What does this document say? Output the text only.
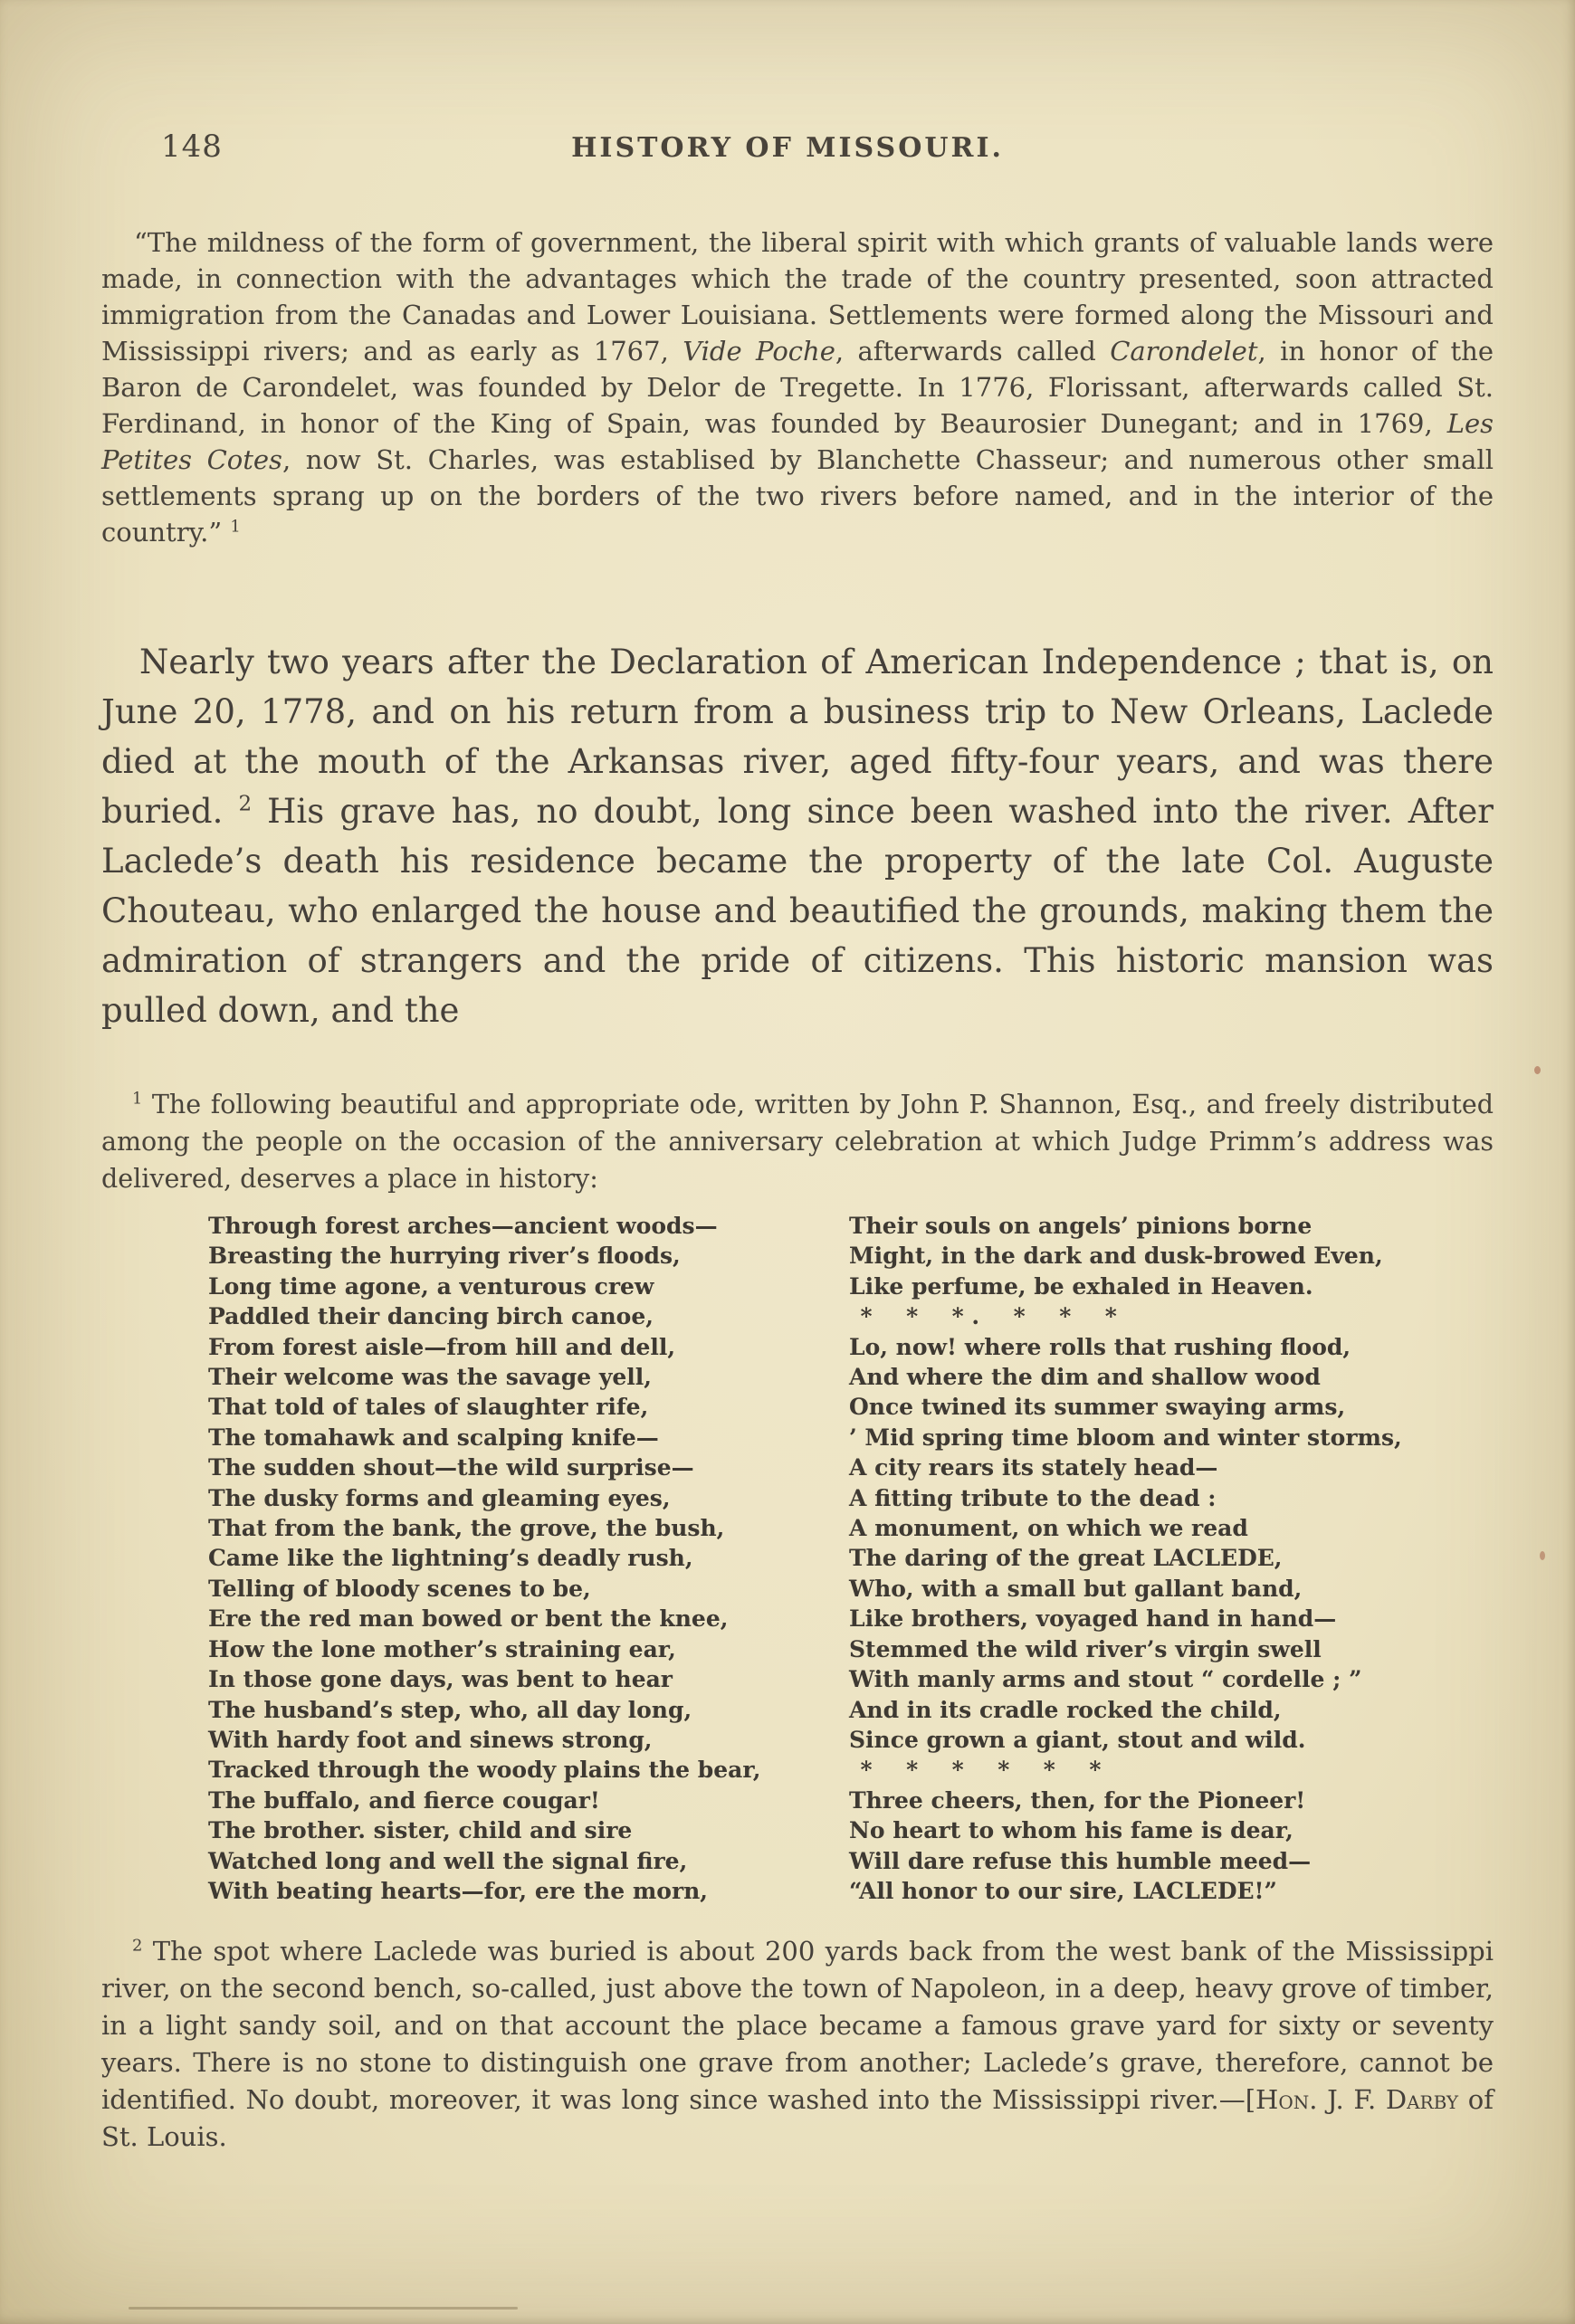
148	HISTORY OF MISSOURI.
“The mildness of the form of government, the liberal spirit with which grants of valuable lands were made, in connection with the advantages which the trade of the country presented, soon attracted immigration from the Canadas and Lower Louisiana. Settlements were formed along the Missouri and Mississippi rivers; and as early as 1767, Vide Poche, afterwards called Carondelet, in honor of the Baron de Carondelet, was founded by Delor de Tregette. In 1776, Florissant, afterwards called St. Ferdinand, in honor of the King of Spain, was founded by Beaurosier Dunegant; and in 1769, Les Petites Cotes, now St. Charles, was establised by Blanchette Chasseur; and numerous other small settlements sprang up on the borders of the two rivers before named, and in the interior of the country.” $^1$
Nearly two years after the Declaration of American Independence ; that is, on June 20, 1778, and on his return from a business trip to New Orleans, Laclede died at the mouth of the Arkansas river, aged fifty-four years, and was there buried. $^2$ His grave has, no doubt, long since been washed into the river. After Laclede’s death his residence became the property of the late Col. Auguste Chouteau, who enlarged the house and beautified the grounds, making them the admiration of strangers and the pride of citizens. This historic mansion was pulled down, and the
$^1$ The following beautiful and appropriate ode, written by John P. Shannon, Esq., and freely distributed among the people on the occasion of the anniversary celebration at which Judge Primm’s address was delivered, deserves a place in history:
Through forest arches—ancient woods—
Breasting the hurrying river’s floods,
Long time agone, a venturous crew
Paddled their dancing birch canoe,
From forest aisle—from hill and dell,
Their welcome was the savage yell,
That told of tales of slaughter rife,
The tomahawk and scalping knife—
The sudden shout—the wild surprise—
The dusky forms and gleaming eyes,
That from the bank, the grove, the bush,
Came like the lightning’s deadly rush,
Telling of bloody scenes to be,
Ere the red man bowed or bent the knee,
How the lone mother’s straining ear,
In those gone days, was bent to hear
The husband’s step, who, all day long,
With hardy foot and sinews strong,
Tracked through the woody plains the bear,
The buffalo, and fierce cougar!
The brother. sister, child and sire
Watched long and well the signal fire,
With beating hearts—for, ere the morn,
Their souls on angels’ pinions borne
Might, in the dark and dusk-browed Even,
Like perfume, be exhaled in Heaven.
 *  *  * .  *  *  *
Lo, now! where rolls that rushing flood,
And where the dim and shallow wood
Once twined its summer swaying arms,
’ Mid spring time bloom and winter storms,
A city rears its stately head—
A fitting tribute to the dead :
A monument, on which we read
The daring of the great LACLEDE,
Who, with a small but gallant band,
Like brothers, voyaged hand in hand—
Stemmed the wild river’s virgin swell
With manly arms and stout “ cordelle ; ”
And in its cradle rocked the child,
Since grown a giant, stout and wild.
 *  *  *  *  *  *
Three cheers, then, for the Pioneer!
No heart to whom his fame is dear,
Will dare refuse this humble meed—
“All honor to our sire, LACLEDE!”
$^2$ The spot where Laclede was buried is about 200 yards back from the west bank of the Mississippi river, on the second bench, so-called, just above the town of Napoleon, in a deep, heavy grove of timber, in a light sandy soil, and on that account the place became a famous grave yard for sixty or seventy years. There is no stone to distinguish one grave from another; Laclede’s grave, therefore, cannot be identified. No doubt, moreover, it was long since washed into the Mississippi river.—[Hon. J. F. Darby of St. Louis.
